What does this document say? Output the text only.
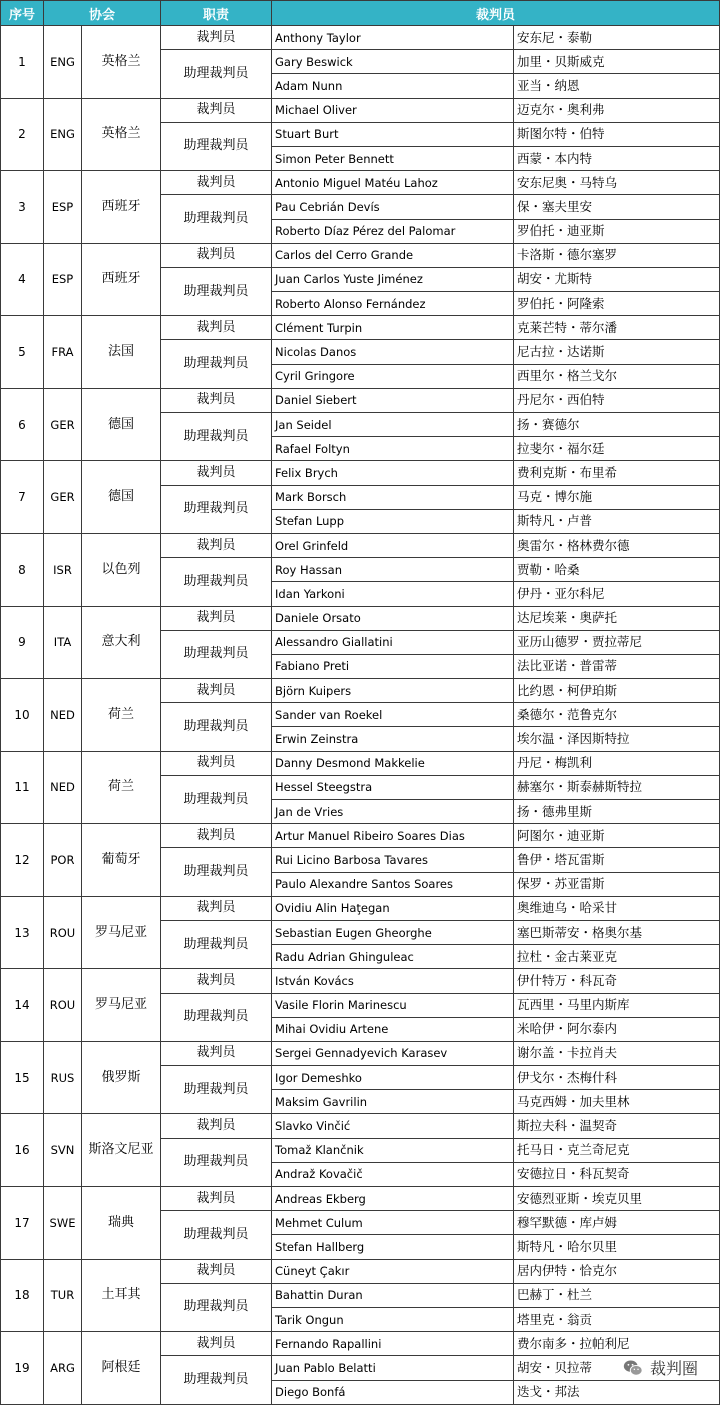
序号	协会		职责	裁判员	
1	ENG	英格兰	裁判员	Anthony Taylor	安东尼・泰勒
			助理裁判员	Gary Beswick	加里・贝斯威克
				Adam Nunn	亚当・纳恩
2	ENG	英格兰	裁判员	Michael Oliver	迈克尔・奥利弗
			助理裁判员	Stuart Burt	斯图尔特・伯特
				Simon Peter Bennett	西蒙・本内特
3	ESP	西班牙	裁判员	Antonio Miguel Matéu Lahoz	安东尼奥・马特乌
			助理裁判员	Pau Cebrián Devís	保・塞夫里安
				Roberto Díaz Pérez del Palomar	罗伯托・迪亚斯
4	ESP	西班牙	裁判员	Carlos del Cerro Grande	卡洛斯・德尔塞罗
			助理裁判员	Juan Carlos Yuste Jiménez	胡安・尤斯特
				Roberto Alonso Fernández	罗伯托・阿隆索
5	FRA	法国	裁判员	Clément Turpin	克莱芒特・蒂尔潘
			助理裁判员	Nicolas Danos	尼古拉・达诺斯
				Cyril Gringore	西里尔・格兰戈尔
6	GER	德国	裁判员	Daniel Siebert	丹尼尔・西伯特
			助理裁判员	Jan Seidel	扬・赛德尔
				Rafael Foltyn	拉斐尔・福尔廷
7	GER	德国	裁判员	Felix Brych	费利克斯・布里希
			助理裁判员	Mark Borsch	马克・博尔施
				Stefan Lupp	斯特凡・卢普
8	ISR	以色列	裁判员	Orel Grinfeld	奥雷尔・格林费尔德
			助理裁判员	Roy Hassan	贾勒・哈桑
				Idan Yarkoni	伊丹・亚尔科尼
9	ITA	意大利	裁判员	Daniele Orsato	达尼埃莱・奥萨托
			助理裁判员	Alessandro Giallatini	亚历山德罗・贾拉蒂尼
				Fabiano Preti	法比亚诺・普雷蒂
10	NED	荷兰	裁判员	Björn Kuipers	比约恩・柯伊珀斯
			助理裁判员	Sander van Roekel	桑德尔・范鲁克尔
				Erwin Zeinstra	埃尔温・泽因斯特拉
11	NED	荷兰	裁判员	Danny Desmond Makkelie	丹尼・梅凯利
			助理裁判员	Hessel Steegstra	赫塞尔・斯泰赫斯特拉
				Jan de Vries	扬・德弗里斯
12	POR	葡萄牙	裁判员	Artur Manuel Ribeiro Soares Dias	阿图尔・迪亚斯
			助理裁判员	Rui Licino Barbosa Tavares	鲁伊・塔瓦雷斯
				Paulo Alexandre Santos Soares	保罗・苏亚雷斯
13	ROU	罗马尼亚	裁判员	Ovidiu Alin Haţegan	奥维迪乌・哈采甘
			助理裁判员	Sebastian Eugen Gheorghe	塞巴斯蒂安・格奥尔基
				Radu Adrian Ghinguleac	拉杜・金古莱亚克
14	ROU	罗马尼亚	裁判员	István Kovács	伊什特万・科瓦奇
			助理裁判员	Vasile Florin Marinescu	瓦西里・马里内斯库
				Mihai Ovidiu Artene	米哈伊・阿尔泰内
15	RUS	俄罗斯	裁判员	Sergei Gennadyevich Karasev	谢尔盖・卡拉肖夫
			助理裁判员	Igor Demeshko	伊戈尔・杰梅什科
				Maksim Gavrilin	马克西姆・加夫里林
16	SVN	斯洛文尼亚	裁判员	Slavko Vinčić	斯拉夫科・温契奇
			助理裁判员	Tomaž Klančnik	托马日・克兰奇尼克
				Andraž Kovačič	安德拉日・科瓦契奇
17	SWE	瑞典	裁判员	Andreas Ekberg	安德烈亚斯・埃克贝里
			助理裁判员	Mehmet Culum	穆罕默德・库卢姆
				Stefan Hallberg	斯特凡・哈尔贝里
18	TUR	土耳其	裁判员	Cüneyt Çakır	居内伊特・恰克尔
			助理裁判员	Bahattin Duran	巴赫丁・杜兰
				Tarik Ongun	塔里克・翁贡
19	ARG	阿根廷	裁判员	Fernando Rapallini	费尔南多・拉帕利尼
			助理裁判员	Juan Pablo Belatti	胡安・贝拉蒂
				Diego Bonfá	迭戈・邦法
裁判圈
